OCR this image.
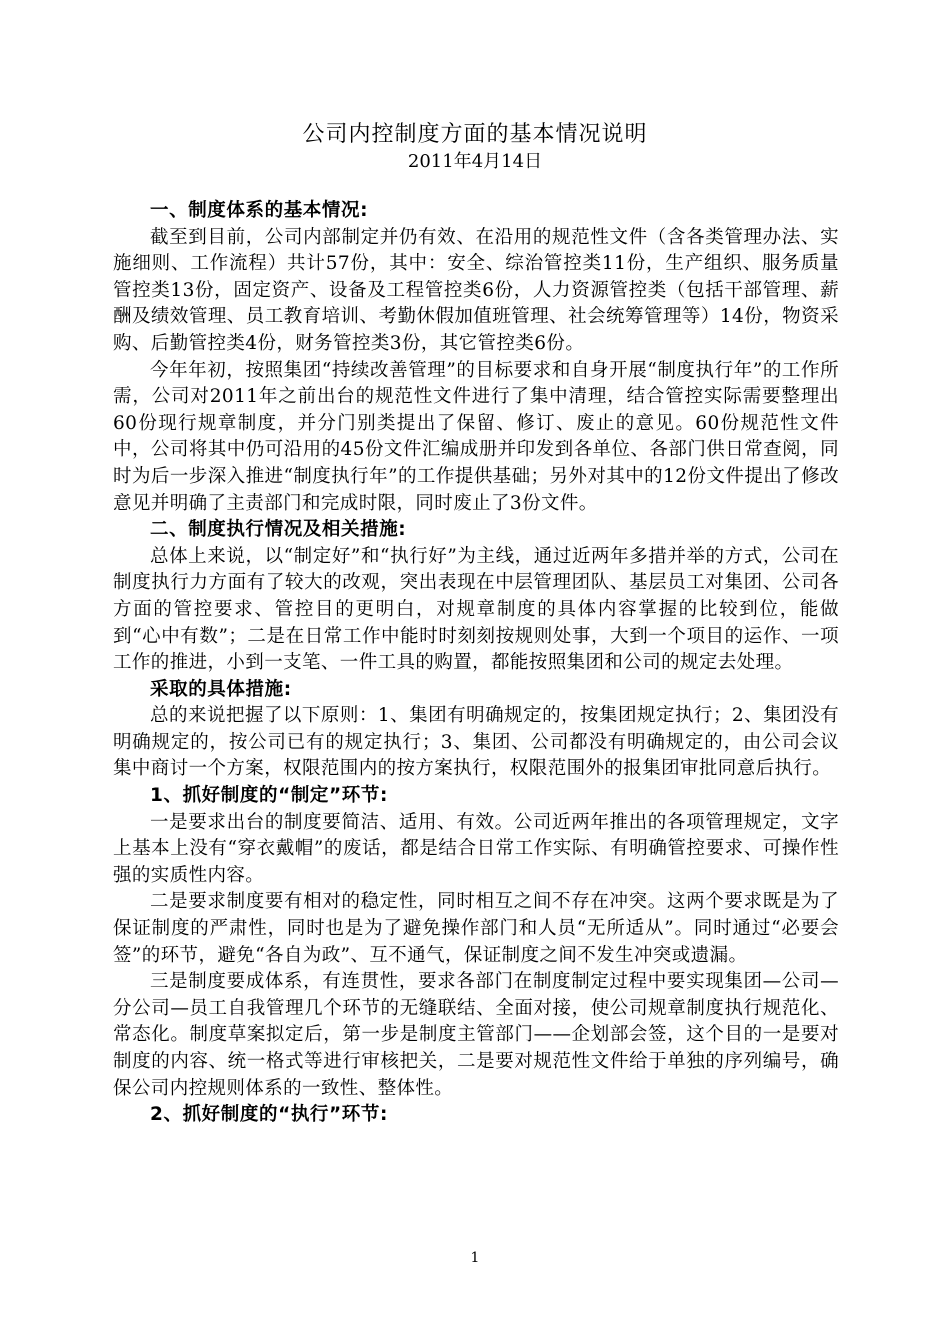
公司内控制度方面的基本情况说明
2011年4月14日

一、制度体系的基本情况:

截至到目前，公司内部制定并仍有效、在沿用的规范性文件（含各类管理办法、实施细则、工作流程）共计57份，其中：安全、综治管控类11份，生产组织、服务质量管控类13份，固定资产、设备及工程管控类6份，人力资源管控类（包括干部管理、薪酬及绩效管理、员工教育培训、考勤休假加值班管理、社会统筹管理等）14份，物资采购、后勤管控类4份，财务管控类3份，其它管控类6份。

今年年初，按照集团“持续改善管理”的目标要求和自身开展“制度执行年”的工作所需，公司对2011年之前出台的规范性文件进行了集中清理，结合管控实际需要整理出60份现行规章制度，并分门别类提出了保留、修订、废止的意见。60份规范性文件中，公司将其中仍可沿用的45份文件汇编成册并印发到各单位、各部门供日常查阅，同时为后一步深入推进“制度执行年”的工作提供基础；另外对其中的12份文件提出了修改意见并明确了主责部门和完成时限，同时废止了3份文件。

二、制度执行情况及相关措施:

总体上来说，以“制定好”和“执行好”为主线，通过近两年多措并举的方式，公司在制度执行力方面有了较大的改观，突出表现在中层管理团队、基层员工对集团、公司各方面的管控要求、管控目的更明白，对规章制度的具体内容掌握的比较到位，能做到“心中有数”；二是在日常工作中能时时刻刻按规则处事，大到一个项目的运作、一项工作的推进，小到一支笔、一件工具的购置，都能按照集团和公司的规定去处理。

采取的具体措施:

总的来说把握了以下原则：1、集团有明确规定的，按集团规定执行；2、集团没有明确规定的，按公司已有的规定执行；3、集团、公司都没有明确规定的，由公司会议集中商讨一个方案，权限范围内的按方案执行，权限范围外的报集团审批同意后执行。

1、抓好制度的“制定”环节:

一是要求出台的制度要简洁、适用、有效。公司近两年推出的各项管理规定，文字上基本上没有“穿衣戴帽”的废话，都是结合日常工作实际、有明确管控要求、可操作性强的实质性内容。

二是要求制度要有相对的稳定性，同时相互之间不存在冲突。这两个要求既是为了保证制度的严肃性，同时也是为了避免操作部门和人员“无所适从”。同时通过“必要会签”的环节，避免“各自为政”、互不通气，保证制度之间不发生冲突或遗漏。

三是制度要成体系，有连贯性，要求各部门在制度制定过程中要实现集团—公司—分公司—员工自我管理几个环节的无缝联结、全面对接，使公司规章制度执行规范化、常态化。制度草案拟定后，第一步是制度主管部门——企划部会签，这个目的一是要对制度的内容、统一格式等进行审核把关，二是要对规范性文件给于单独的序列编号，确保公司内控规则体系的一致性、整体性。

2、抓好制度的“执行”环节:

1
